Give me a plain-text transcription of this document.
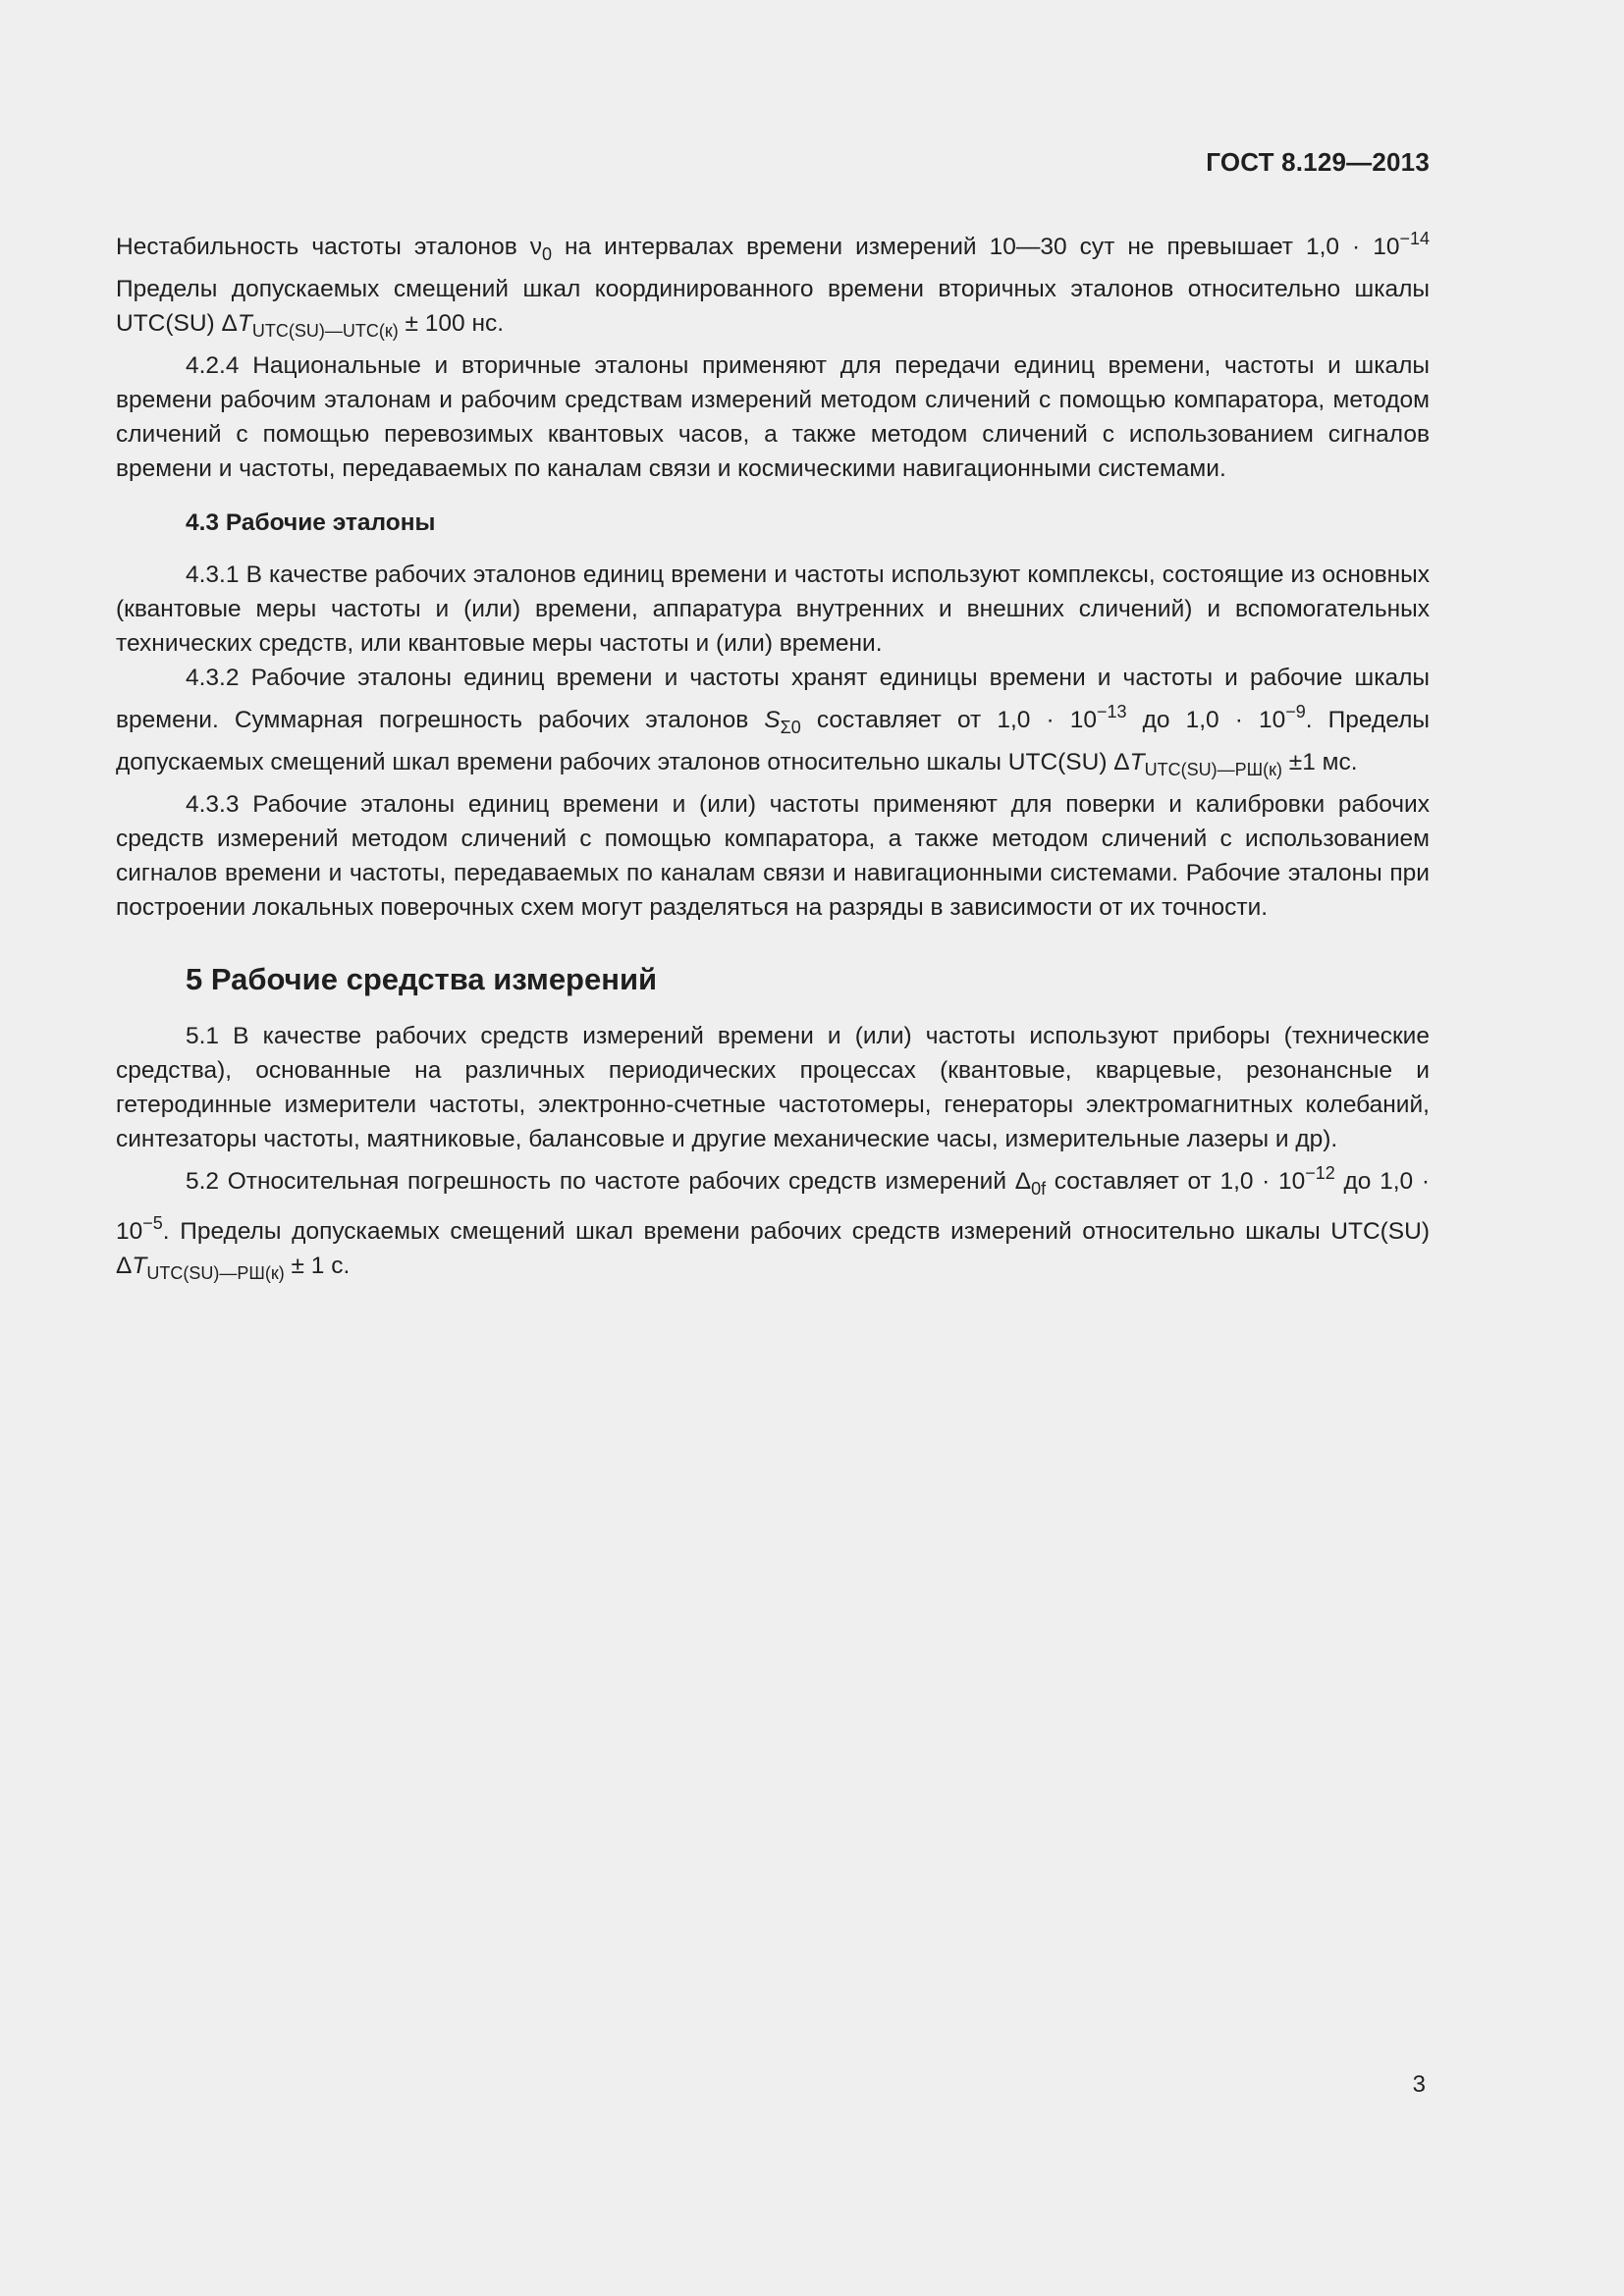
ГОСТ 8.129—2013

Нестабильность частоты эталонов $\nu_0$ на интервалах времени измерений 10—30 сут не превышает $1,0 \cdot 10^{-14}$ Пределы допускаемых смещений шкал координированного времени вторичных эталонов относительно шкалы UTC(SU) $\Delta T_{UTC(SU)—UTC(к)} \pm 100$ нс.

4.2.4 Национальные и вторичные эталоны применяют для передачи единиц времени, частоты и шкалы времени рабочим эталонам и рабочим средствам измерений методом сличений с помощью компаратора, методом сличений с помощью перевозимых квантовых часов, а также методом сличений с использованием сигналов времени и частоты, передаваемых по каналам связи и космическими навигационными системами.

4.3 Рабочие эталоны

4.3.1 В качестве рабочих эталонов единиц времени и частоты используют комплексы, состоящие из основных (квантовые меры частоты и (или) времени, аппаратура внутренних и внешних сличений) и вспомогательных технических средств, или квантовые меры частоты и (или) времени.

4.3.2 Рабочие эталоны единиц времени и частоты хранят единицы времени и частоты и рабочие шкалы времени. Суммарная погрешность рабочих эталонов $S_{\Sigma 0}$ составляет от $1,0 \cdot 10^{-13}$ до $1,0 \cdot 10^{-9}$. Пределы допускаемых смещений шкал времени рабочих эталонов относительно шкалы UTC(SU) $\Delta T_{UTC(SU)—РШ(к)} \pm 1$ мс.

4.3.3 Рабочие эталоны единиц времени и (или) частоты применяют для поверки и калибровки рабочих средств измерений методом сличений с помощью компаратора, а также методом сличений с использованием сигналов времени и частоты, передаваемых по каналам связи и навигационными системами. Рабочие эталоны при построении локальных поверочных схем могут разделяться на разряды в зависимости от их точности.

5 Рабочие средства измерений

5.1 В качестве рабочих средств измерений времени и (или) частоты используют приборы (технические средства), основанные на различных периодических процессах (квантовые, кварцевые, резонансные и гетеродинные измерители частоты, электронно-счетные частотомеры, генераторы электромагнитных колебаний, синтезаторы частоты, маятниковые, балансовые и другие механические часы, измерительные лазеры и др).

5.2 Относительная погрешность по частоте рабочих средств измерений $\Delta_{0f}$ составляет от $1,0 \cdot 10^{-12}$ до $1,0 \cdot 10^{-5}$. Пределы допускаемых смещений шкал времени рабочих средств измерений относительно шкалы UTC(SU) $\Delta T_{UTC(SU)—РШ(к)} \pm 1$ с.

3
